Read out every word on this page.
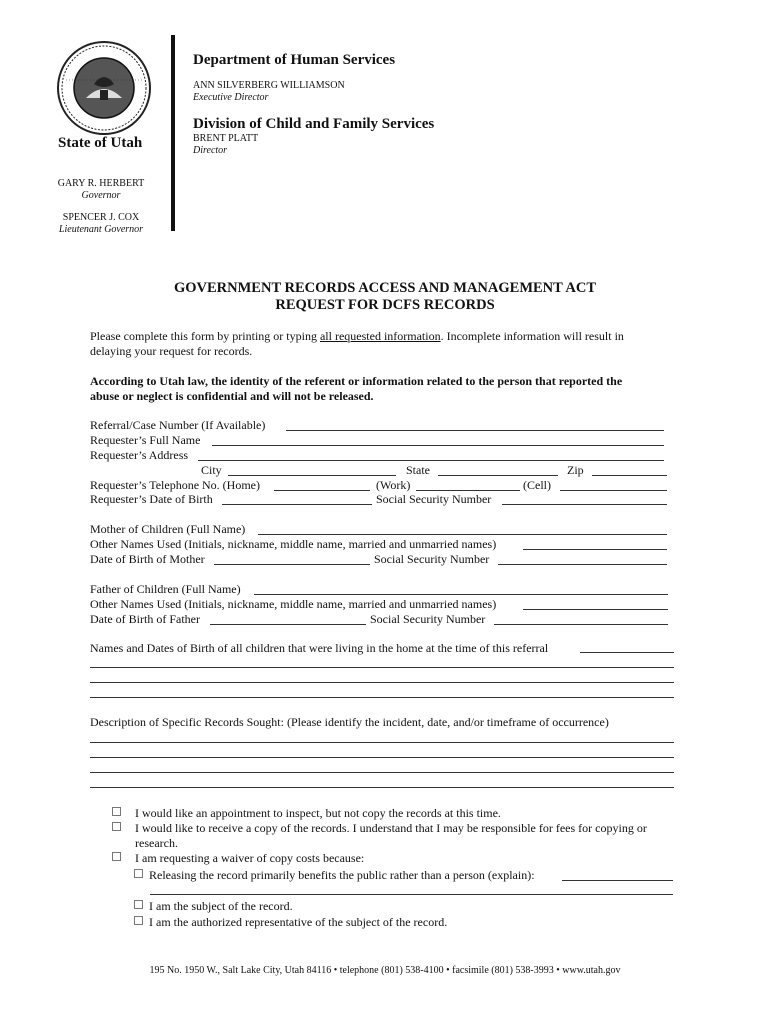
State of Utah
GARY R. HERBERT
Governor
SPENCER J. COX
Lieutenant Governor
Department of Human Services
ANN SILVERBERG WILLIAMSON
Executive Director
Division of Child and Family Services
BRENT PLATT
Director
GOVERNMENT RECORDS ACCESS AND MANAGEMENT ACT
REQUEST FOR DCFS RECORDS
Please complete this form by printing or typing all requested information. Incomplete information will result in
delaying your request for records.
According to Utah law, the identity of the referent or information related to the person that reported the
abuse or neglect is confidential and will not be released.
Referral/Case Number (If Available)
Requester’s Full Name
Requester’s Address
City	State	Zip
Requester’s Telephone No. (Home)	(Work)	(Cell)
Requester’s Date of Birth	Social Security Number
Mother of Children (Full Name)
Other Names Used (Initials, nickname, middle name, married and unmarried names)
Date of Birth of Mother	Social Security Number
Father of Children (Full Name)
Other Names Used (Initials, nickname, middle name, married and unmarried names)
Date of Birth of Father	Social Security Number
Names and Dates of Birth of all children that were living in the home at the time of this referral
Description of Specific Records Sought: (Please identify the incident, date, and/or timeframe of occurrence)
I would like an appointment to inspect, but not copy the records at this time.
I would like to receive a copy of the records. I understand that I may be responsible for fees for copying or
research.
I am requesting a waiver of copy costs because:
Releasing the record primarily benefits the public rather than a person (explain):
I am the subject of the record.
I am the authorized representative of the subject of the record.
195 No. 1950 W., Salt Lake City, Utah 84116 • telephone (801) 538-4100 • facsimile (801) 538-3993 • www.utah.gov
